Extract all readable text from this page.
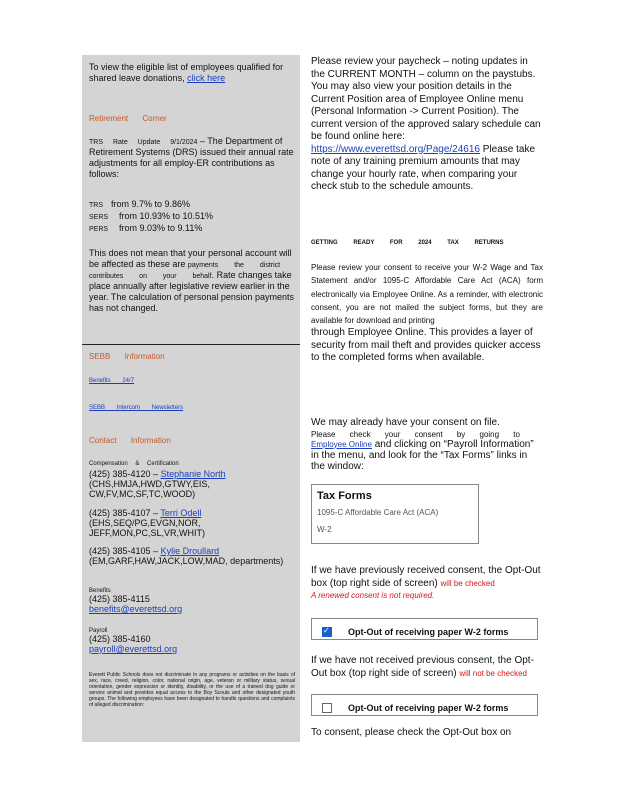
To view the eligible list of employees qualified for shared leave donations, click here
Retirement Corner
TRS Rate Update 9/1/2024 – The Department of Retirement Systems (DRS) issued their annual rate adjustments for all employ-ER contributions as follows:
TRS from 9.7% to 9.86%
SERS from 10.93% to 10.51%
PERS from 9.03% to 9.11%
This does not mean that your personal account will be affected as these are payments the district contributes on your behalf. Rate changes take place annually after legislative review earlier in the year. The calculation of personal pension payments has not changed.
SEBB Information
Benefits 24/7
SEBB Intercom Newsletters
Contact Information
Compensation & Certification
(425) 385-4120 – Stephanie North
(CHS,HMJA,HWD,GTWY,EIS, CW,FV,MC,SF,TC,WOOD)
(425) 385-4107 – Terri Odell
(EHS,SEQ/PG,EVGN,NOR, JEFF,MON,PC,SL,VR,WHIT)
(425) 385-4105 – Kylie Droullard
(EM,GARF,HAW,JACK,LOW,MAD, departments)
Benefits
(425) 385-4115
benefits@everettsd.org
Payroll
(425) 385-4160
payroll@everettsd.org
Everett Public Schools does not discriminate in any programs or activities on the basis of sex, race, creed, religion, color, national origin, age, veteran or military status, sexual orientation, gender expression or identity, disability, or the use of a trained dog guide or service animal and provides equal access to the Boy Scouts and other designated youth groups. The following employees have been designated to handle questions and complaints of alleged discrimination:
Please review your paycheck – noting updates in the CURRENT MONTH – column on the paystubs. You may also view your position details in the Current Position area of Employee Online menu (Personal Information -> Current Position). The current version of the approved salary schedule can be found online here: https://www.everettsd.org/Page/24616 Please take note of any training premium amounts that may change your hourly rate, when comparing your check stub to the schedule amounts.
GETTING READY FOR 2024 TAX RETURNS
Please review your consent to receive your W-2 Wage and Tax Statement and/or 1095-C Affordable Care Act (ACA) form electronically via Employee Online. As a reminder, with electronic consent, you are not mailed the subject forms, but they are available for download and printing
through Employee Online. This provides a layer of security from mail theft and provides quicker access to the completed forms when available.
We may already have your consent on file.
Please check your consent by going to
Employee Online and clicking on “Payroll Information” in the menu, and look for the “Tax Forms” links in the window:
Tax Forms
1095-C Affordable Care Act (ACA)
W-2
If we have previously received consent, the Opt-Out box (top right side of screen) will be checked
A renewed consent is not required.
✓Opt-Out of receiving paper W-2 forms
If we have not received previous consent, the Opt-Out box (top right side of screen) will not be checked
Opt-Out of receiving paper W-2 forms
To consent, please check the Opt-Out box on
